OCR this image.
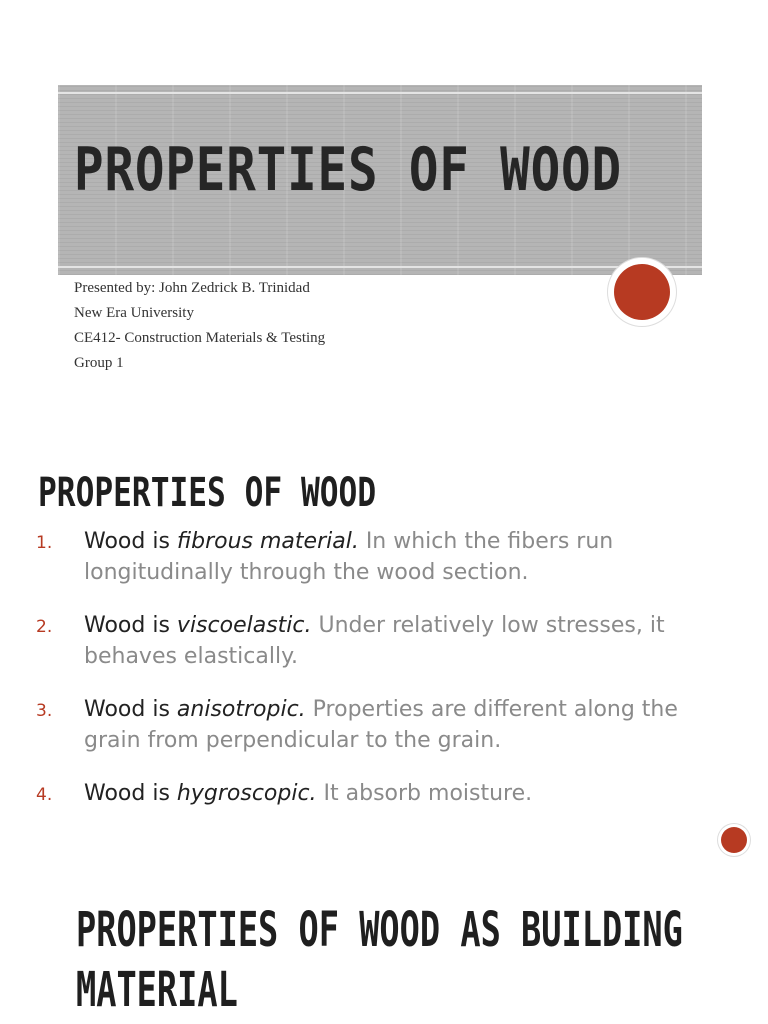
PROPERTIES OF WOOD
Presented by: John Zedrick B. Trinidad
New Era University
CE412- Construction Materials & Testing
Group 1
PROPERTIES OF WOOD
1. Wood is fibrous material. In which the fibers run longitudinally through the wood section.
2. Wood is viscoelastic. Under relatively low stresses, it behaves elastically.
3. Wood is anisotropic. Properties are different along the grain from perpendicular to the grain.
4. Wood is hygroscopic. It absorb moisture.
PROPERTIES OF WOOD AS BUILDING MATERIAL
